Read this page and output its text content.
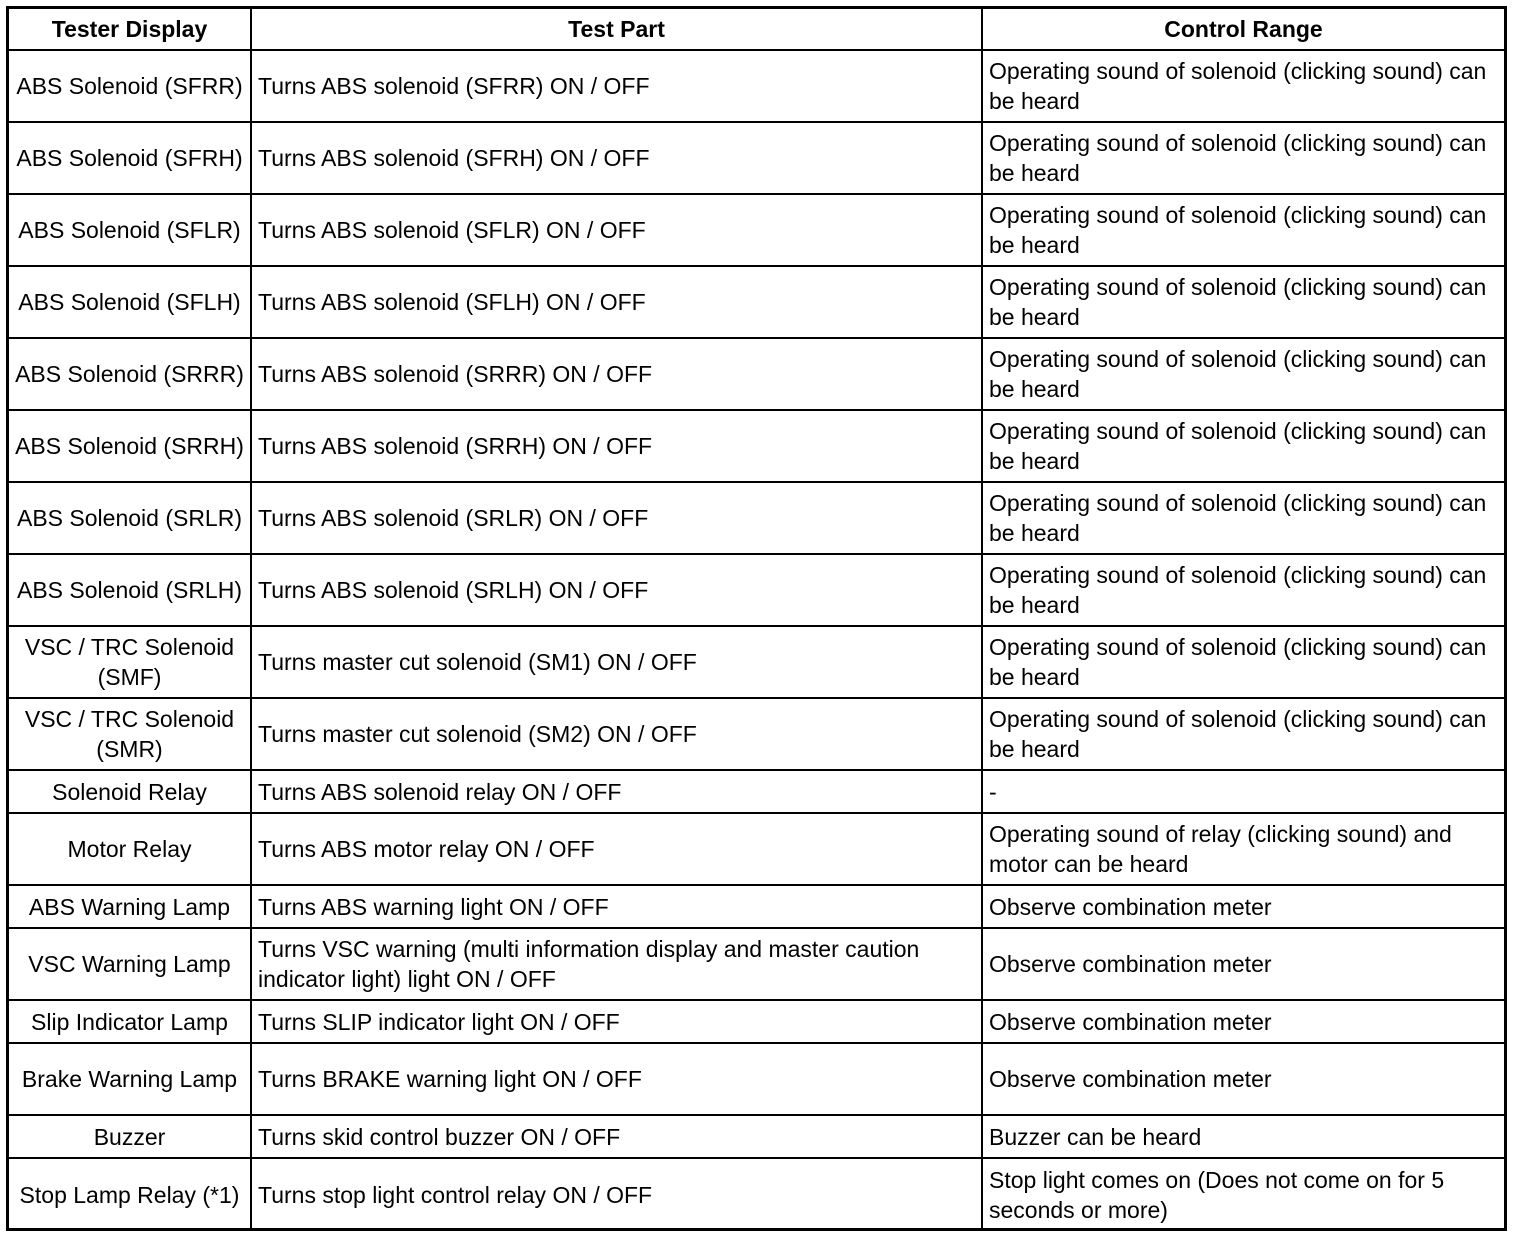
Tester Display	Test Part	Control Range
ABS Solenoid (SFRR)	Turns ABS solenoid (SFRR) ON / OFF	Operating sound of solenoid (clicking sound) can be heard
ABS Solenoid (SFRH)	Turns ABS solenoid (SFRH) ON / OFF	Operating sound of solenoid (clicking sound) can be heard
ABS Solenoid (SFLR)	Turns ABS solenoid (SFLR) ON / OFF	Operating sound of solenoid (clicking sound) can be heard
ABS Solenoid (SFLH)	Turns ABS solenoid (SFLH) ON / OFF	Operating sound of solenoid (clicking sound) can be heard
ABS Solenoid (SRRR)	Turns ABS solenoid (SRRR) ON / OFF	Operating sound of solenoid (clicking sound) can be heard
ABS Solenoid (SRRH)	Turns ABS solenoid (SRRH) ON / OFF	Operating sound of solenoid (clicking sound) can be heard
ABS Solenoid (SRLR)	Turns ABS solenoid (SRLR) ON / OFF	Operating sound of solenoid (clicking sound) can be heard
ABS Solenoid (SRLH)	Turns ABS solenoid (SRLH) ON / OFF	Operating sound of solenoid (clicking sound) can be heard
VSC / TRC Solenoid (SMF)	Turns master cut solenoid (SM1) ON / OFF	Operating sound of solenoid (clicking sound) can be heard
VSC / TRC Solenoid (SMR)	Turns master cut solenoid (SM2) ON / OFF	Operating sound of solenoid (clicking sound) can be heard
Solenoid Relay	Turns ABS solenoid relay ON / OFF	-
Motor Relay	Turns ABS motor relay ON / OFF	Operating sound of relay (clicking sound) and motor can be heard
ABS Warning Lamp	Turns ABS warning light ON / OFF	Observe combination meter
VSC Warning Lamp	Turns VSC warning (multi information display and master caution indicator light) light ON / OFF	Observe combination meter
Slip Indicator Lamp	Turns SLIP indicator light ON / OFF	Observe combination meter
Brake Warning Lamp	Turns BRAKE warning light ON / OFF	Observe combination meter
Buzzer	Turns skid control buzzer ON / OFF	Buzzer can be heard
Stop Lamp Relay (*1)	Turns stop light control relay ON / OFF	Stop light comes on (Does not come on for 5 seconds or more)
